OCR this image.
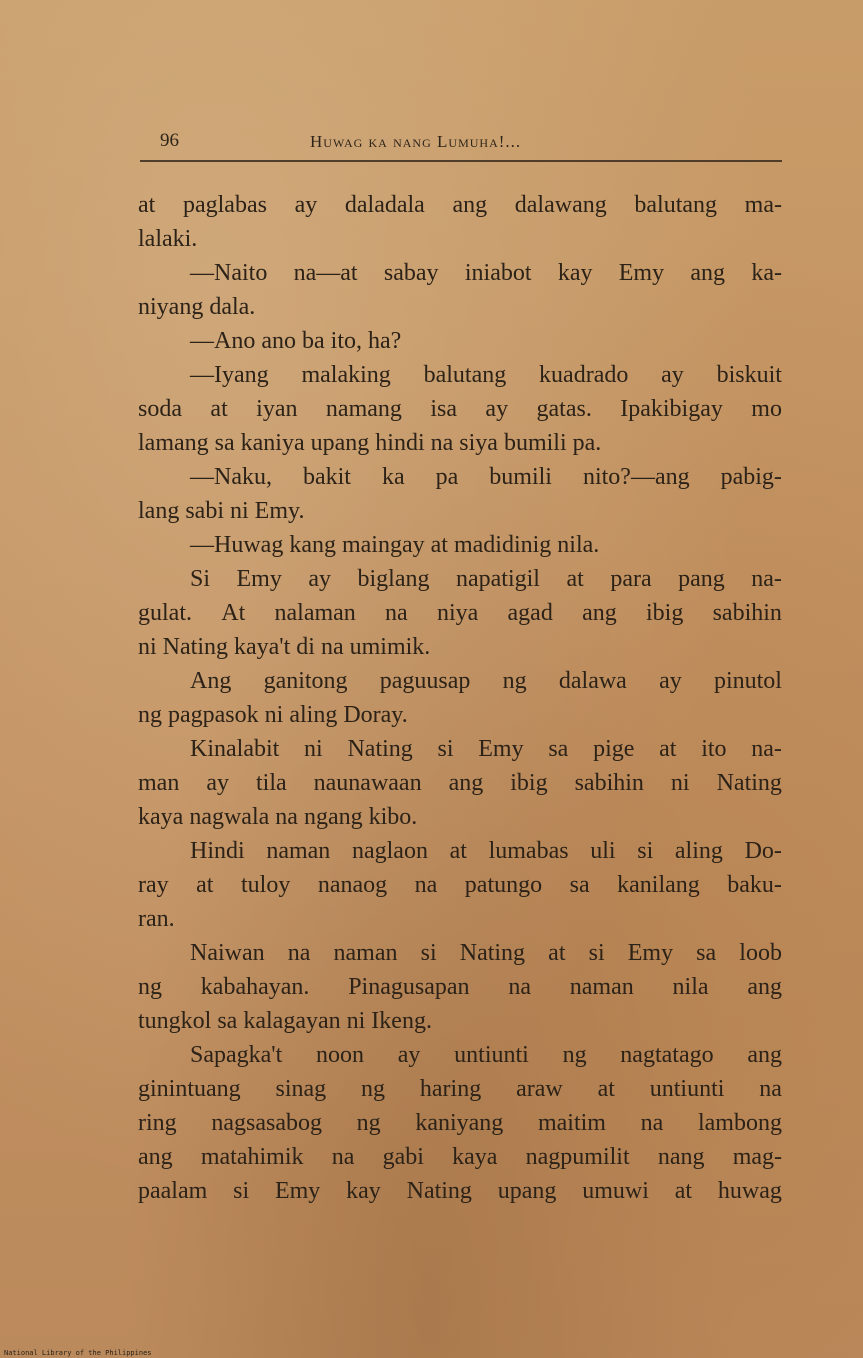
96	Huwag ka nang Lumuha!...
at paglabas ay daladala ang dalawang balutang ma-
lalaki.
—Naito na—at sabay iniabot kay Emy ang ka-
niyang dala.
—Ano ano ba ito, ha?
—Iyang malaking balutang kuadrado ay biskuit
soda at iyan namang isa ay gatas. Ipakibigay mo
lamang sa kaniya upang hindi na siya bumili pa.
—Naku, bakit ka pa bumili nito?—ang pabig-
lang sabi ni Emy.
—Huwag kang maingay at madidinig nila.
Si Emy ay biglang napatigil at para pang na-
gulat. At nalaman na niya agad ang ibig sabihin
ni Nating kaya't di na umimik.
Ang ganitong paguusap ng dalawa ay pinutol
ng pagpasok ni aling Doray.
Kinalabit ni Nating si Emy sa pige at ito na-
man ay tila naunawaan ang ibig sabihin ni Nating
kaya nagwala na ngang kibo.
Hindi naman naglaon at lumabas uli si aling Do-
ray at tuloy nanaog na patungo sa kanilang baku-
ran.
Naiwan na naman si Nating at si Emy sa loob
ng kabahayan. Pinagusapan na naman nila ang
tungkol sa kalagayan ni Ikeng.
Sapagka't noon ay untiunti ng nagtatago ang
ginintuang sinag ng haring araw at untiunti na
ring nagsasabog ng kaniyang maitim na lambong
ang matahimik na gabi kaya nagpumilit nang mag-
paalam si Emy kay Nating upang umuwi at huwag
National Library of the Philippines
